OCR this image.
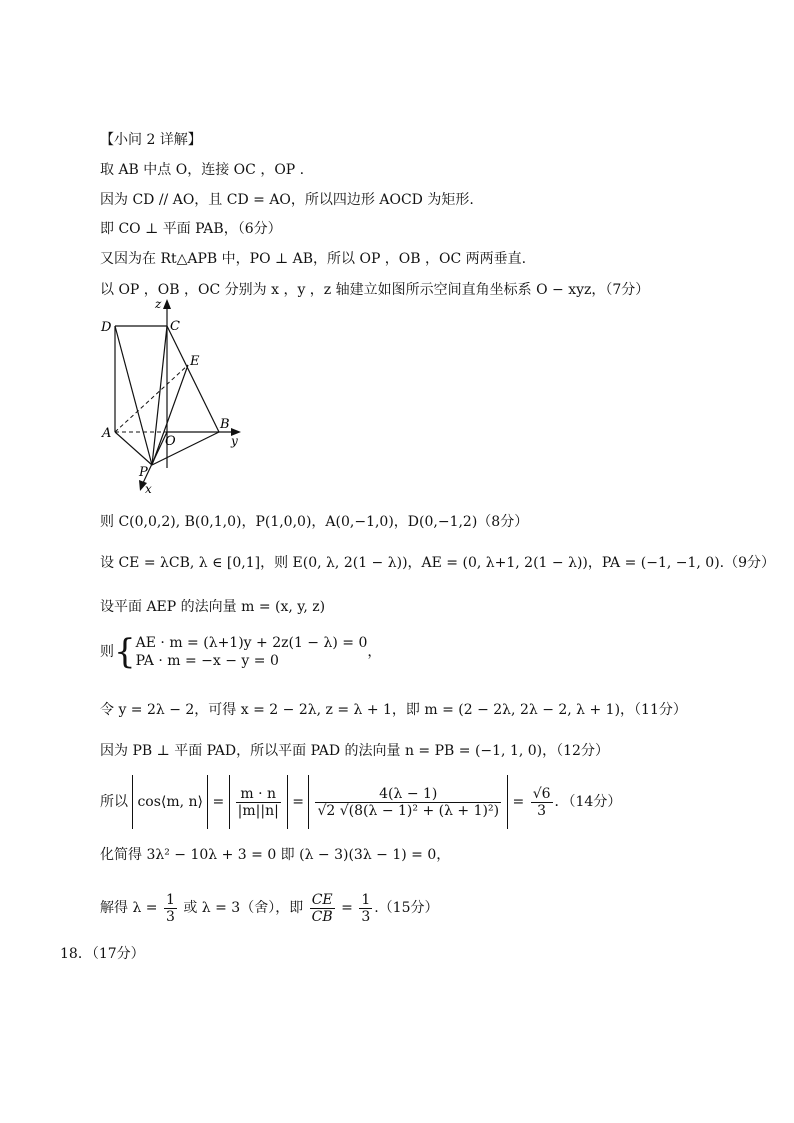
【小问 2 详解】
取 AB 中点 O，连接 OC ，OP .
因为 CD // AO，且 CD = AO，所以四边形 AOCD 为矩形.
即 CO ⊥ 平面 PAB，（6分）
又因为在 Rt△APB 中，PO ⊥ AB，所以 OP ，OB ，OC 两两垂直.
以 OP ，OB ，OC 分别为 x ，y ，z 轴建立如图所示空间直角坐标系 O − xyz，（7分）
D	C
E
A
O
B
P
x
y
z
则 C(0,0,2), B(0,1,0)，P(1,0,0)，A(0,−1,0)，D(0,−1,2)（8分）
设 CE = λCB, λ ∈ [0,1]，则 E(0, λ, 2(1 − λ))，AE = (0, λ+1, 2(1 − λ))，PA = (−1, −1, 0).（9分）
设平面 AEP 的法向量 m = (x, y, z)
则{ AE · m = (λ+1)y + 2z(1 − λ) = 0
PA · m = −x − y = 0
，
令 y = 2λ − 2，可得 x = 2 − 2λ, z = λ + 1，即 m = (2 − 2λ, 2λ − 2, λ + 1)，（11分）
因为 PB ⊥ 平面 PAD，所以平面 PAD 的法向量 n = PB = (−1, 1, 0)，（12分）
所以 cos⟨m, n⟩ = $\frac{m \cdot n}{|m||n|} = \frac{4(\lambda - 1)}{\text{√2 √(8(λ − 1)² + (λ + 1)²)}} = \frac{√6}{3}$ ．（14分）
化简得 3λ² − 10λ + 3 = 0 即 (λ − 3)(3λ − 1) = 0，
解得 $\lambda = \frac{1}{3}$ 或 λ = 3（舍），即 $\frac{CE}{CB} = \frac{1}{3} .(15$分）
18．（17分）
